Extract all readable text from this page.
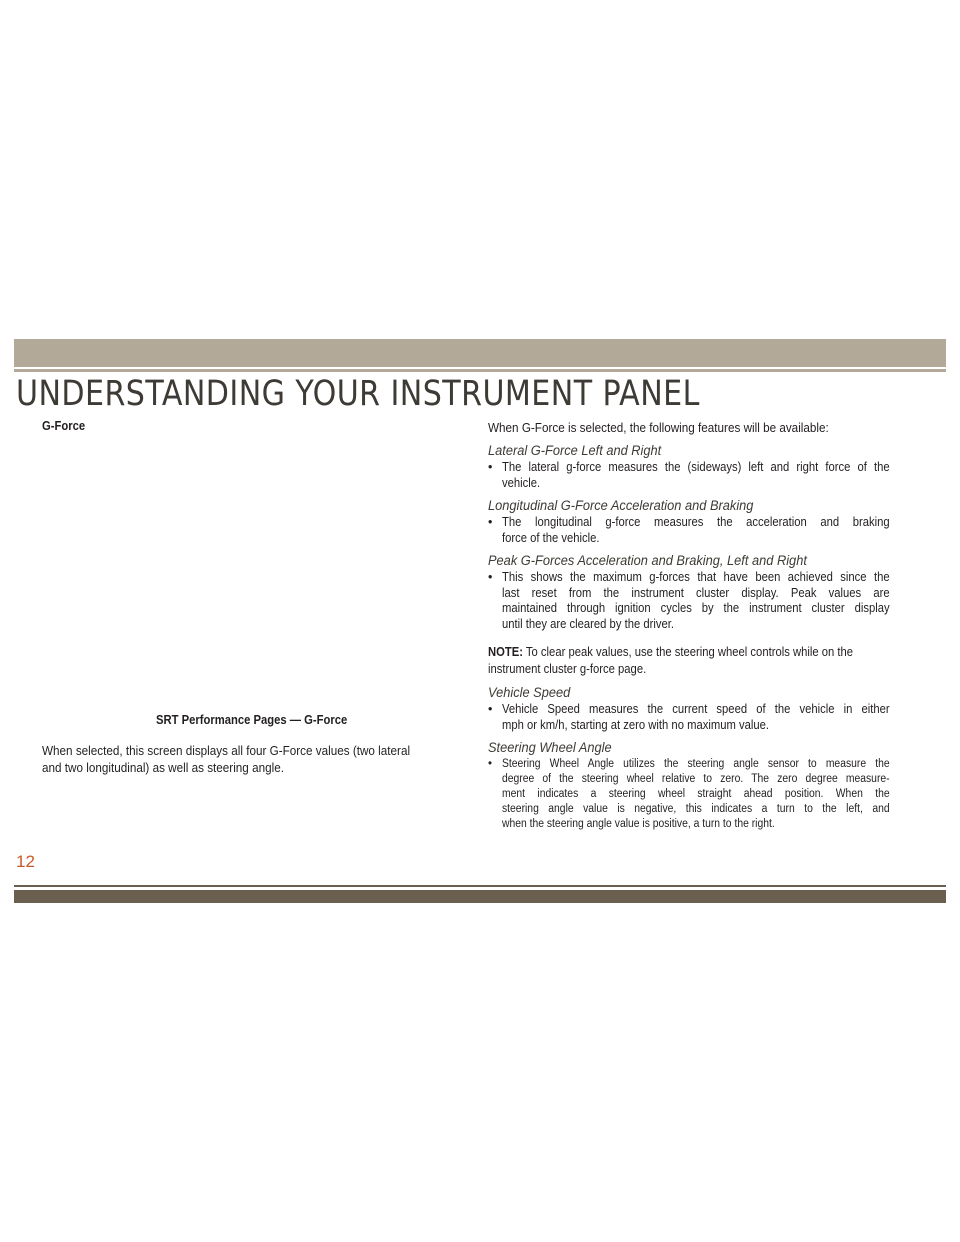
UNDERSTANDING YOUR INSTRUMENT PANEL

G-Force

SRT Performance Pages — G-Force

When selected, this screen displays all four G-Force values (two lateral
and two longitudinal) as well as steering angle.

When G-Force is selected, the following features will be available:

Lateral G-Force Left and Right

• The lateral g-force measures the (sideways) left and right force of the
vehicle.

Longitudinal G-Force Acceleration and Braking

• The longitudinal g-force measures the acceleration and braking
force of the vehicle.

Peak G-Forces Acceleration and Braking, Left and Right

• This shows the maximum g-forces that have been achieved since the
last reset from the instrument cluster display. Peak values are
maintained through ignition cycles by the instrument cluster display
until they are cleared by the driver.

NOTE: To clear peak values, use the steering wheel controls while on the
instrument cluster g-force page.

Vehicle Speed

• Vehicle Speed measures the current speed of the vehicle in either
mph or km/h, starting at zero with no maximum value.

Steering Wheel Angle

• Steering Wheel Angle utilizes the steering angle sensor to measure the
degree of the steering wheel relative to zero. The zero degree measure-
ment indicates a steering wheel straight ahead position. When the
steering angle value is negative, this indicates a turn to the left, and
when the steering angle value is positive, a turn to the right.

12
